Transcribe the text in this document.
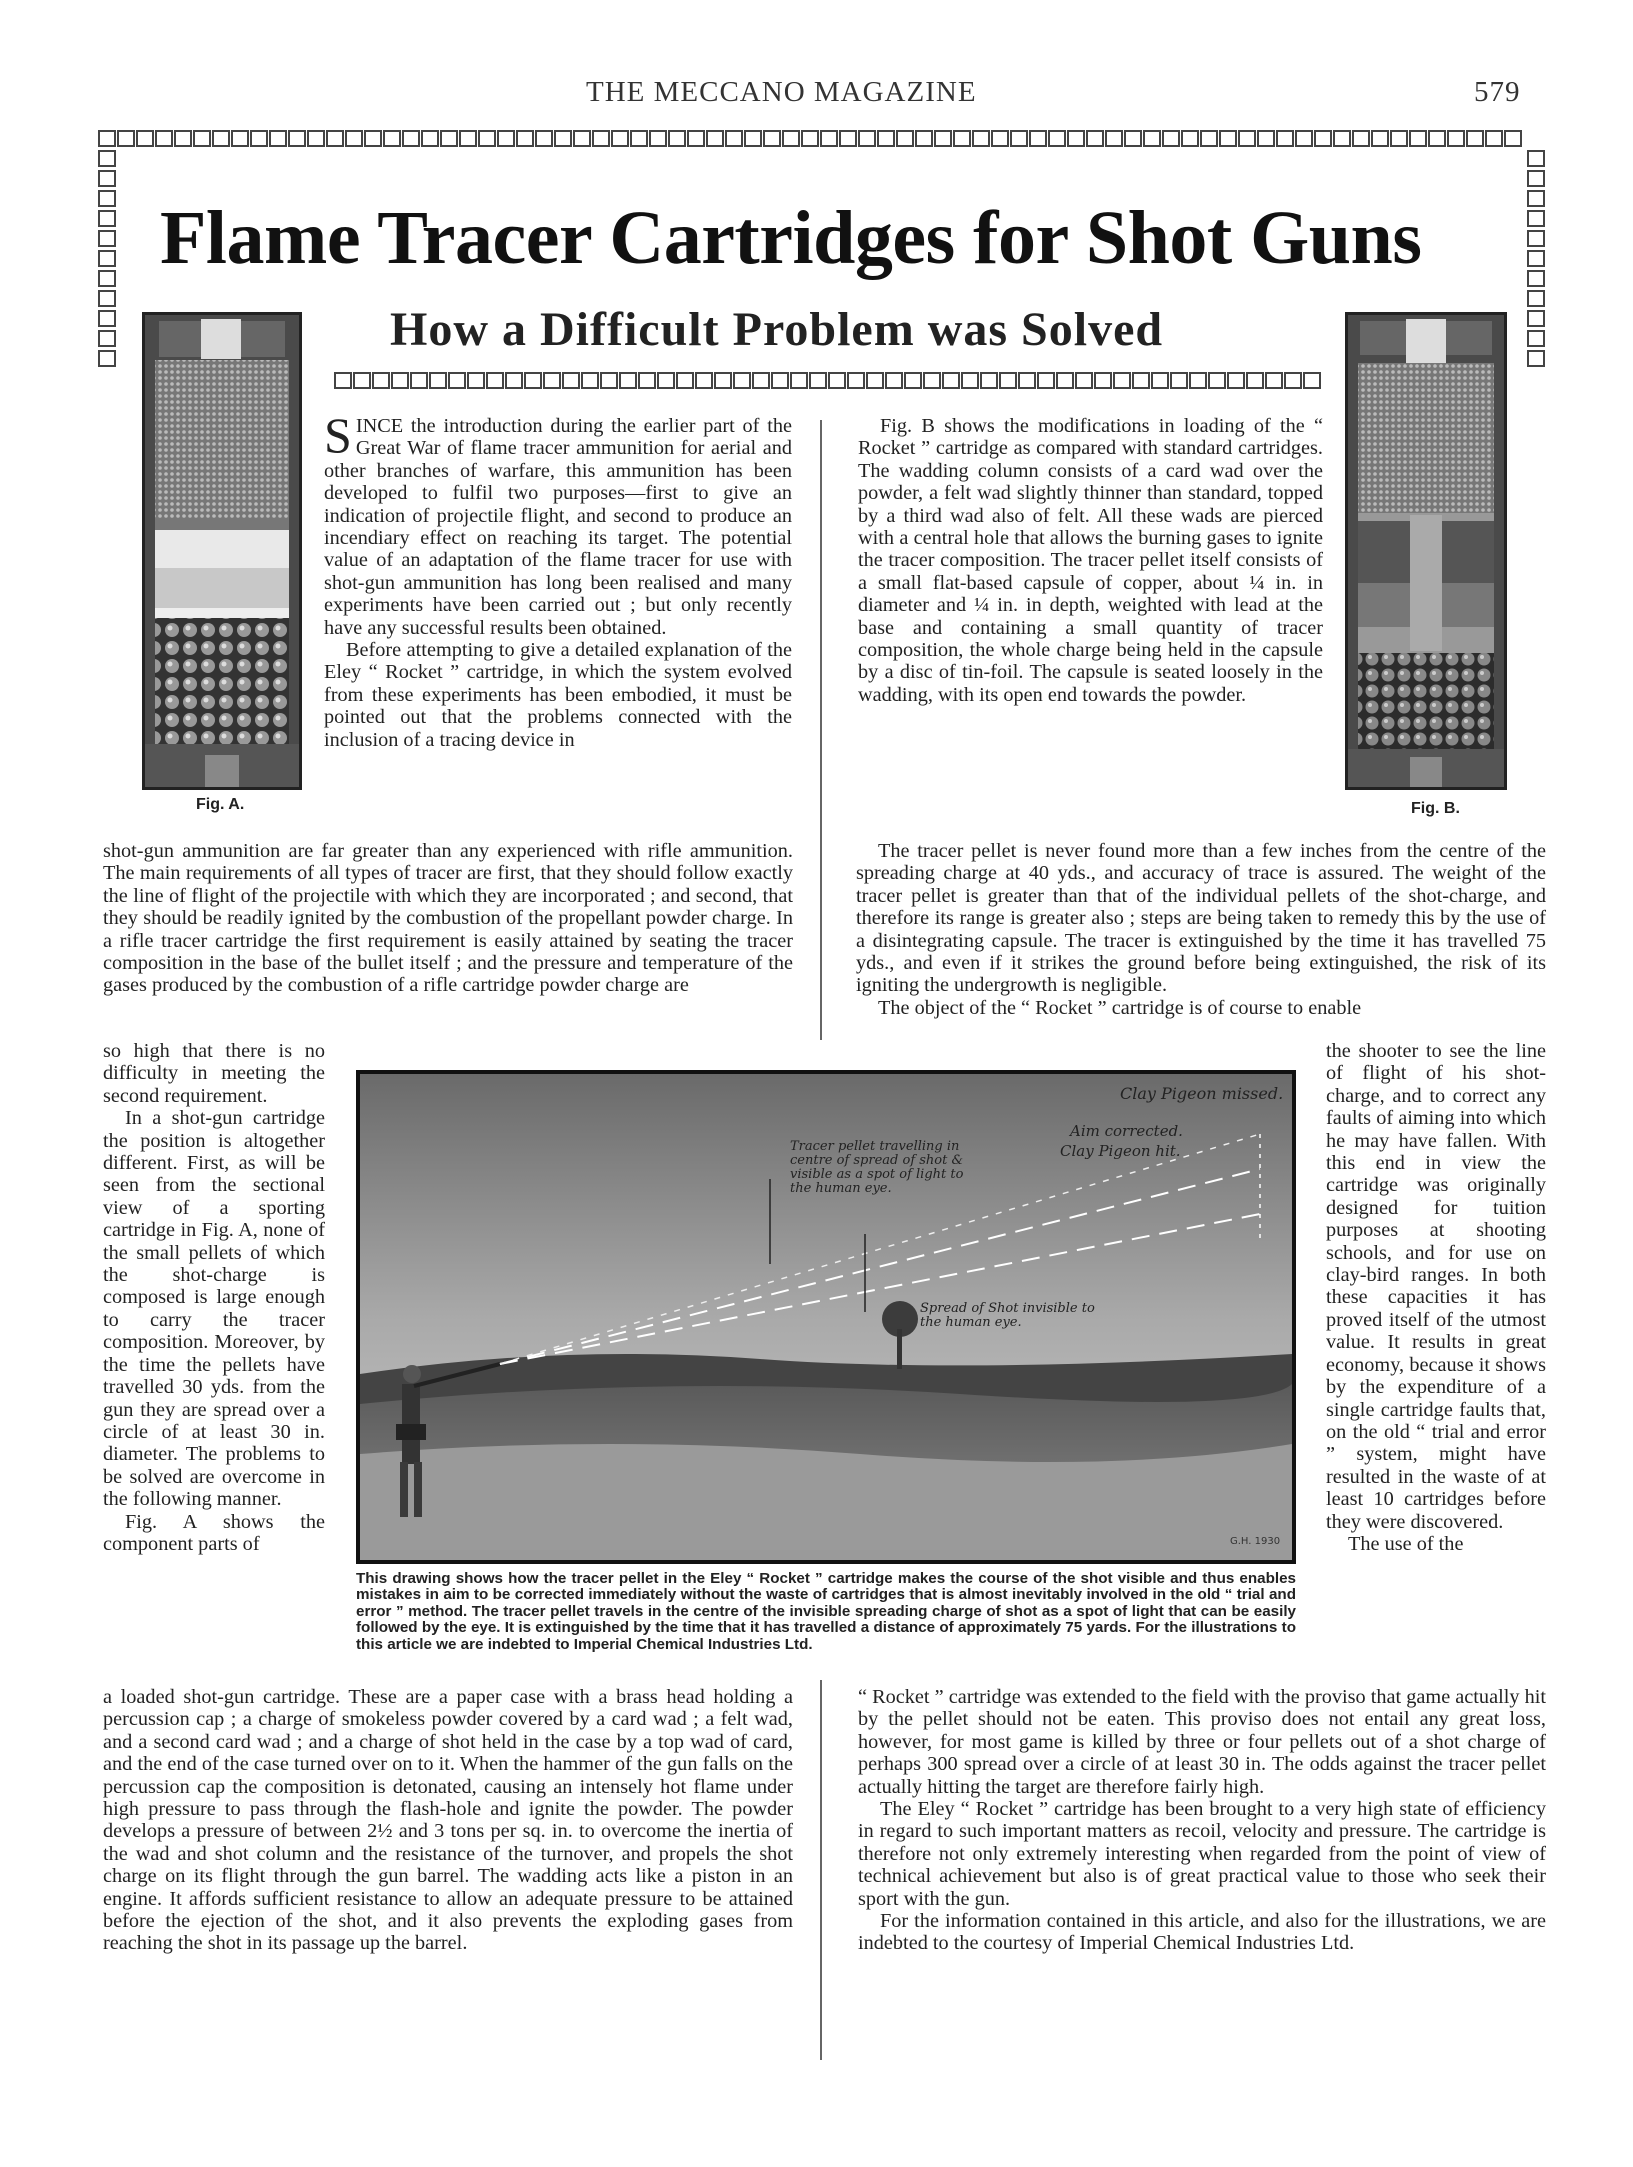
THE MECCANO MAGAZINE	579
Flame Tracer Cartridges for Shot Guns
How a Difficult Problem was Solved
Fig. A.	Fig. B.

SINCE the introduction during the earlier part of the Great War of flame tracer ammunition for aerial and other branches of warfare, this ammunition has been developed to fulfil two purposes—first to give an indication of projectile flight, and second to produce an incendiary effect on reaching its target. The potential value of an adaptation of the flame tracer for use with shot-gun ammunition has long been realised and many experiments have been carried out ; but only recently have any successful results been obtained.

Before attempting to give a detailed explanation of the Eley “ Rocket ” cartridge, in which the system evolved from these experiments has been embodied, it must be pointed out that the problems connected with the inclusion of a tracing device in

shot-gun ammunition are far greater than any experienced with rifle ammunition. The main requirements of all types of tracer are first, that they should follow exactly the line of flight of the projectile with which they are incorporated ; and second, that they should be readily ignited by the combustion of the propellant powder charge. In a rifle tracer cartridge the first requirement is easily attained by seating the tracer composition in the base of the bullet itself ; and the pressure and temperature of the gases produced by the combustion of a rifle cartridge powder charge are

so high that there is no difficulty in meeting the second requirement.

In a shot-gun cartridge the position is altogether different. First, as will be seen from the sectional view of a sporting cartridge in Fig. A, none of the small pellets of which the shot-charge is composed is large enough to carry the tracer composition. Moreover, by the time the pellets have travelled 30 yds. from the gun they are spread over a circle of at least 30 in. diameter. The problems to be solved are overcome in the following manner.

Fig. A shows the component parts of

a loaded shot-gun cartridge. These are a paper case with a brass head holding a percussion cap ; a charge of smokeless powder covered by a card wad ; a felt wad, and a second card wad ; and a charge of shot held in the case by a top wad of card, and the end of the case turned over on to it. When the hammer of the gun falls on the percussion cap the composition is detonated, causing an intensely hot flame under high pressure to pass through the flash-hole and ignite the powder. The powder develops a pressure of between 2½ and 3 tons per sq. in. to overcome the inertia of the wad and shot column and the resistance of the turnover, and propels the shot charge on its flight through the gun barrel. The wadding acts like a piston in an engine. It affords sufficient resistance to allow an adequate pressure to be attained before the ejection of the shot, and it also prevents the exploding gases from reaching the shot in its passage up the barrel.

Fig. B shows the modifications in loading of the “ Rocket ” cartridge as compared with standard cartridges. The wadding column consists of a card wad over the powder, a felt wad slightly thinner than standard, topped by a third wad also of felt. All these wads are pierced with a central hole that allows the burning gases to ignite the tracer composition. The tracer pellet itself consists of a small flat-based capsule of copper, about ¼ in. in diameter and ¼ in. in depth, weighted with lead at the base and containing a small quantity of tracer composition, the whole charge being held in the capsule by a disc of tin-foil. The capsule is seated loosely in the wadding, with its open end towards the powder.

The tracer pellet is never found more than a few inches from the centre of the spreading charge at 40 yds., and accuracy of trace is assured. The weight of the tracer pellet is greater than that of the individual pellets of the shot-charge, and therefore its range is greater also ; steps are being taken to remedy this by the use of a disintegrating capsule. The tracer is extinguished by the time it has travelled 75 yds., and even if it strikes the ground before being extinguished, the risk of its igniting the undergrowth is negligible.

The object of the “ Rocket ” cartridge is of course to enable

the shooter to see the line of flight of his shot-charge, and to correct any faults of aiming into which he may have fallen. With this end in view the cartridge was originally designed for tuition purposes at shooting schools, and for use on clay-bird ranges. In both these capacities it has proved itself of the utmost value. It results in great economy, because it shows by the expenditure of a single cartridge faults that, on the old “ trial and error ” system, might have resulted in the waste of at least 10 cartridges before they were discovered.

The use of the

“ Rocket ” cartridge was extended to the field with the proviso that game actually hit by the pellet should not be eaten. This proviso does not entail any great loss, however, for most game is killed by three or four pellets out of a shot charge of perhaps 300 spread over a circle of at least 30 in. The odds against the tracer pellet actually hitting the target are therefore fairly high.

The Eley “ Rocket ” cartridge has been brought to a very high state of efficiency in regard to such important matters as recoil, velocity and pressure. The cartridge is therefore not only extremely interesting when regarded from the point of view of technical achievement but also is of great practical value to those who seek their sport with the gun.

For the information contained in this article, and also for the illustrations, we are indebted to the courtesy of Imperial Chemical Industries Ltd.

Clay Pigeon missed.
Aim corrected.
Clay Pigeon hit.
Tracer pellet travelling in centre of spread of shot & visible as a spot of light to the human eye.
Spread of Shot invisible to the human eye.
G.H. 1930
This drawing shows how the tracer pellet in the Eley “ Rocket ” cartridge makes the course of the shot visible and thus enables mistakes in aim to be corrected immediately without the waste of cartridges that is almost inevitably involved in the old “ trial and error ” method. The tracer pellet travels in the centre of the invisible spreading charge of shot as a spot of light that can be easily followed by the eye. It is extinguished by the time that it has travelled a distance of approximately 75 yards. For the illustrations to this article we are indebted to Imperial Chemical Industries Ltd.
